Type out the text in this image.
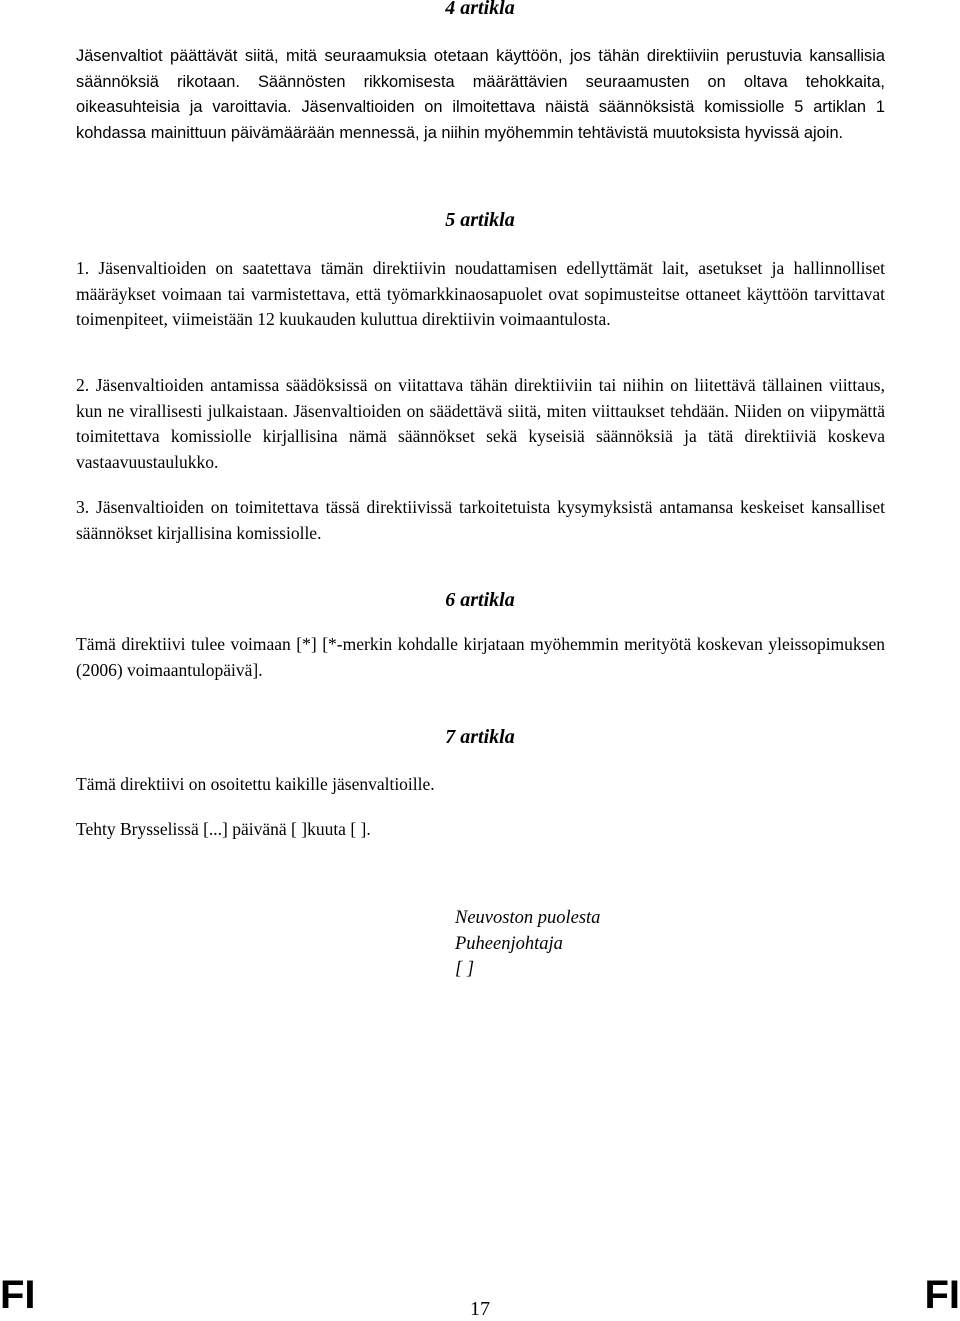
4 artikla

Jäsenvaltiot päättävät siitä, mitä seuraamuksia otetaan käyttöön, jos tähän direktiiviin perustuvia kansallisia säännöksiä rikotaan. Säännösten rikkomisesta määrättävien seuraamusten on oltava tehokkaita, oikeasuhteisia ja varoittavia. Jäsenvaltioiden on ilmoitettava näistä säännöksistä komissiolle 5 artiklan 1 kohdassa mainittuun päivämäärään mennessä, ja niihin myöhemmin tehtävistä muutoksista hyvissä ajoin.

5 artikla

1. Jäsenvaltioiden on saatettava tämän direktiivin noudattamisen edellyttämät lait, asetukset ja hallinnolliset määräykset voimaan tai varmistettava, että työmarkkinaosapuolet ovat sopimusteitse ottaneet käyttöön tarvittavat toimenpiteet, viimeistään 12 kuukauden kuluttua direktiivin voimaantulosta.

2. Jäsenvaltioiden antamissa säädöksissä on viitattava tähän direktiiviin tai niihin on liitettävä tällainen viittaus, kun ne virallisesti julkaistaan. Jäsenvaltioiden on säädettävä siitä, miten viittaukset tehdään. Niiden on viipymättä toimitettava komissiolle kirjallisina nämä säännökset sekä kyseisiä säännöksiä ja tätä direktiiviä koskeva vastaavuustaulukko.

3. Jäsenvaltioiden on toimitettava tässä direktiivissä tarkoitetuista kysymyksistä antamansa keskeiset kansalliset säännökset kirjallisina komissiolle.

6 artikla

Tämä direktiivi tulee voimaan [*] [*-merkin kohdalle kirjataan myöhemmin merityötä koskevan yleissopimuksen (2006) voimaantulopäivä].

7 artikla

Tämä direktiivi on osoitettu kaikille jäsenvaltioille.

Tehty Brysselissä [...] päivänä [ ]kuuta [ ].

Neuvoston puolesta
Puheenjohtaja
[ ]
FI	17	FI
